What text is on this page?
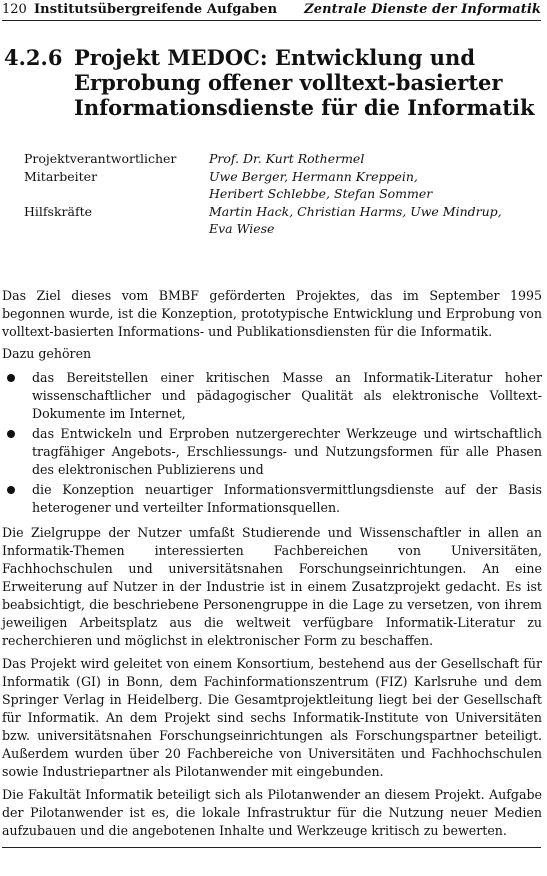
120 Institutsübergreifende Aufgaben Zentrale Dienste der Informatik
4.2.6 Projekt MEDOC: Entwicklung und
Erprobung offener volltext-basierter
Informationsdienste für die Informatik
Projektverantwortlicher	Prof. Dr. Kurt Rothermel
Mitarbeiter	Uwe Berger, Hermann Kreppein,
Heribert Schlebbe, Stefan Sommer
Hilfskräfte	Martin Hack, Christian Harms, Uwe Mindrup,
Eva Wiese

Das Ziel dieses vom BMBF geförderten Projektes, das im September 1995 begonnen wurde, ist die Konzeption, prototypische Entwicklung und Erprobung von volltext-basierten Informations- und Publikationsdiensten für die Informatik.

Dazu gehören

das Bereitstellen einer kritischen Masse an Informatik-Literatur hoher wissenschaftlicher und pädagogischer Qualität als elektronische Volltext-Dokumente im Internet,
das Entwickeln und Erproben nutzergerechter Werkzeuge und wirtschaftlich tragfähiger Angebots-, Erschliessungs- und Nutzungsformen für alle Phasen des elektronischen Publizierens und
die Konzeption neuartiger Informationsvermittlungsdienste auf der Basis heterogener und verteilter Informationsquellen.

Die Zielgruppe der Nutzer umfaßt Studierende und Wissenschaftler in allen an Informatik-Themen interessierten Fachbereichen von Universitäten, Fachhochschulen und universitätsnahen Forschungseinrichtungen. An eine Erweiterung auf Nutzer in der Industrie ist in einem Zusatzprojekt gedacht. Es ist beabsichtigt, die beschriebene Personengruppe in die Lage zu versetzen, von ihrem jeweiligen Arbeitsplatz aus die weltweit verfügbare Informatik-Literatur zu recherchieren und möglichst in elektronischer Form zu beschaffen.

Das Projekt wird geleitet von einem Konsortium, bestehend aus der Gesellschaft für Informatik (GI) in Bonn, dem Fachinformationszentrum (FIZ) Karlsruhe und dem Springer Verlag in Heidelberg. Die Gesamtprojektleitung liegt bei der Gesellschaft für Informatik. An dem Projekt sind sechs Informatik-Institute von Universitäten bzw. universitätsnahen Forschungseinrichtungen als Forschungspartner beteiligt. Außerdem wurden über 20 Fachbereiche von Universitäten und Fachhochschulen sowie Industriepartner als Pilotanwender mit eingebunden.

Die Fakultät Informatik beteiligt sich als Pilotanwender an diesem Projekt. Aufgabe der Pilotanwender ist es, die lokale Infrastruktur für die Nutzung neuer Medien aufzubauen und die angebotenen Inhalte und Werkzeuge kritisch zu bewerten.
